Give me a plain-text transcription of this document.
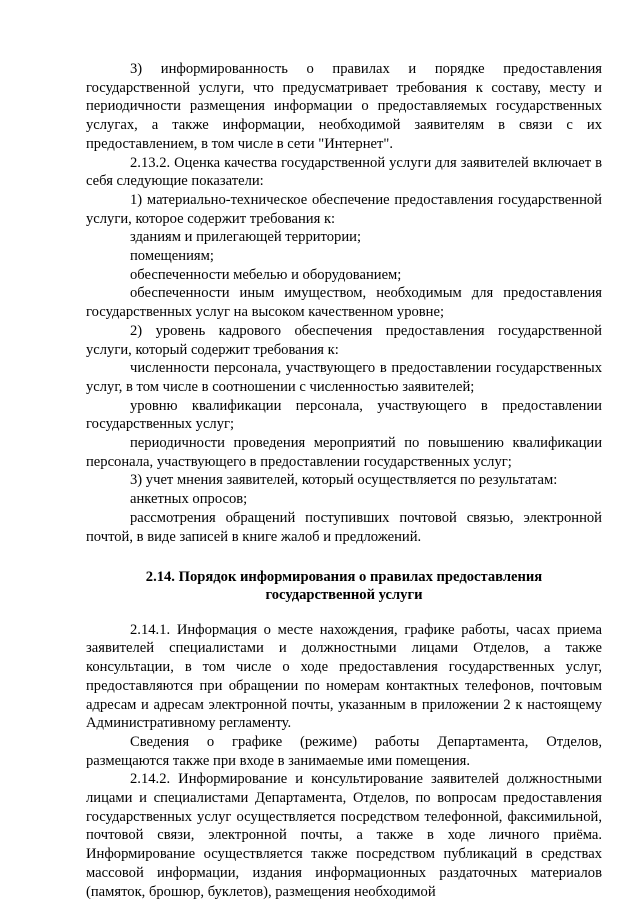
3) информированность о правилах и порядке предоставления государственной услуги, что предусматривает требования к составу, месту и периодичности размещения информации о предоставляемых государственных услугах, а также информации, необходимой заявителям в связи с их предоставлением, в том числе в сети "Интернет".

2.13.2. Оценка качества государственной услуги для заявителей включает в себя следующие показатели:

1) материально-техническое обеспечение предоставления государственной услуги, которое содержит требования к:

зданиям и прилегающей территории;

помещениям;

обеспеченности мебелью и оборудованием;

обеспеченности иным имуществом, необходимым для предоставления государственных услуг на высоком качественном уровне;

2) уровень кадрового обеспечения предоставления государственной услуги, который содержит требования к:

численности персонала, участвующего в предоставлении государственных услуг, в том числе в соотношении с численностью заявителей;

уровню квалификации персонала, участвующего в предоставлении государственных услуг;

периодичности проведения мероприятий по повышению квалификации персонала, участвующего в предоставлении государственных услуг;

3) учет мнения заявителей, который осуществляется по результатам:

анкетных опросов;

рассмотрения обращений поступивших почтовой связью, электронной почтой, в виде записей в книге жалоб и предложений.

2.14. Порядок информирования о правилах предоставления
государственной услуги

2.14.1. Информация о месте нахождения, графике работы, часах приема заявителей специалистами и должностными лицами Отделов, а также консультации, в том числе о ходе предоставления государственных услуг, предоставляются при обращении по номерам контактных телефонов, почтовым адресам и адресам электронной почты, указанным в приложении 2 к настоящему Административному регламенту.

Сведения о графике (режиме) работы Департамента, Отделов, размещаются также при входе в занимаемые ими помещения.

2.14.2. Информирование и консультирование заявителей должностными лицами и специалистами Департамента, Отделов, по вопросам предоставления государственных услуг осуществляется посредством телефонной, факсимильной, почтовой связи, электронной почты, а также в ходе личного приёма. Информирование осуществляется также посредством публикаций в средствах массовой информации, издания информационных раздаточных материалов (памяток, брошюр, буклетов), размещения необходимой
